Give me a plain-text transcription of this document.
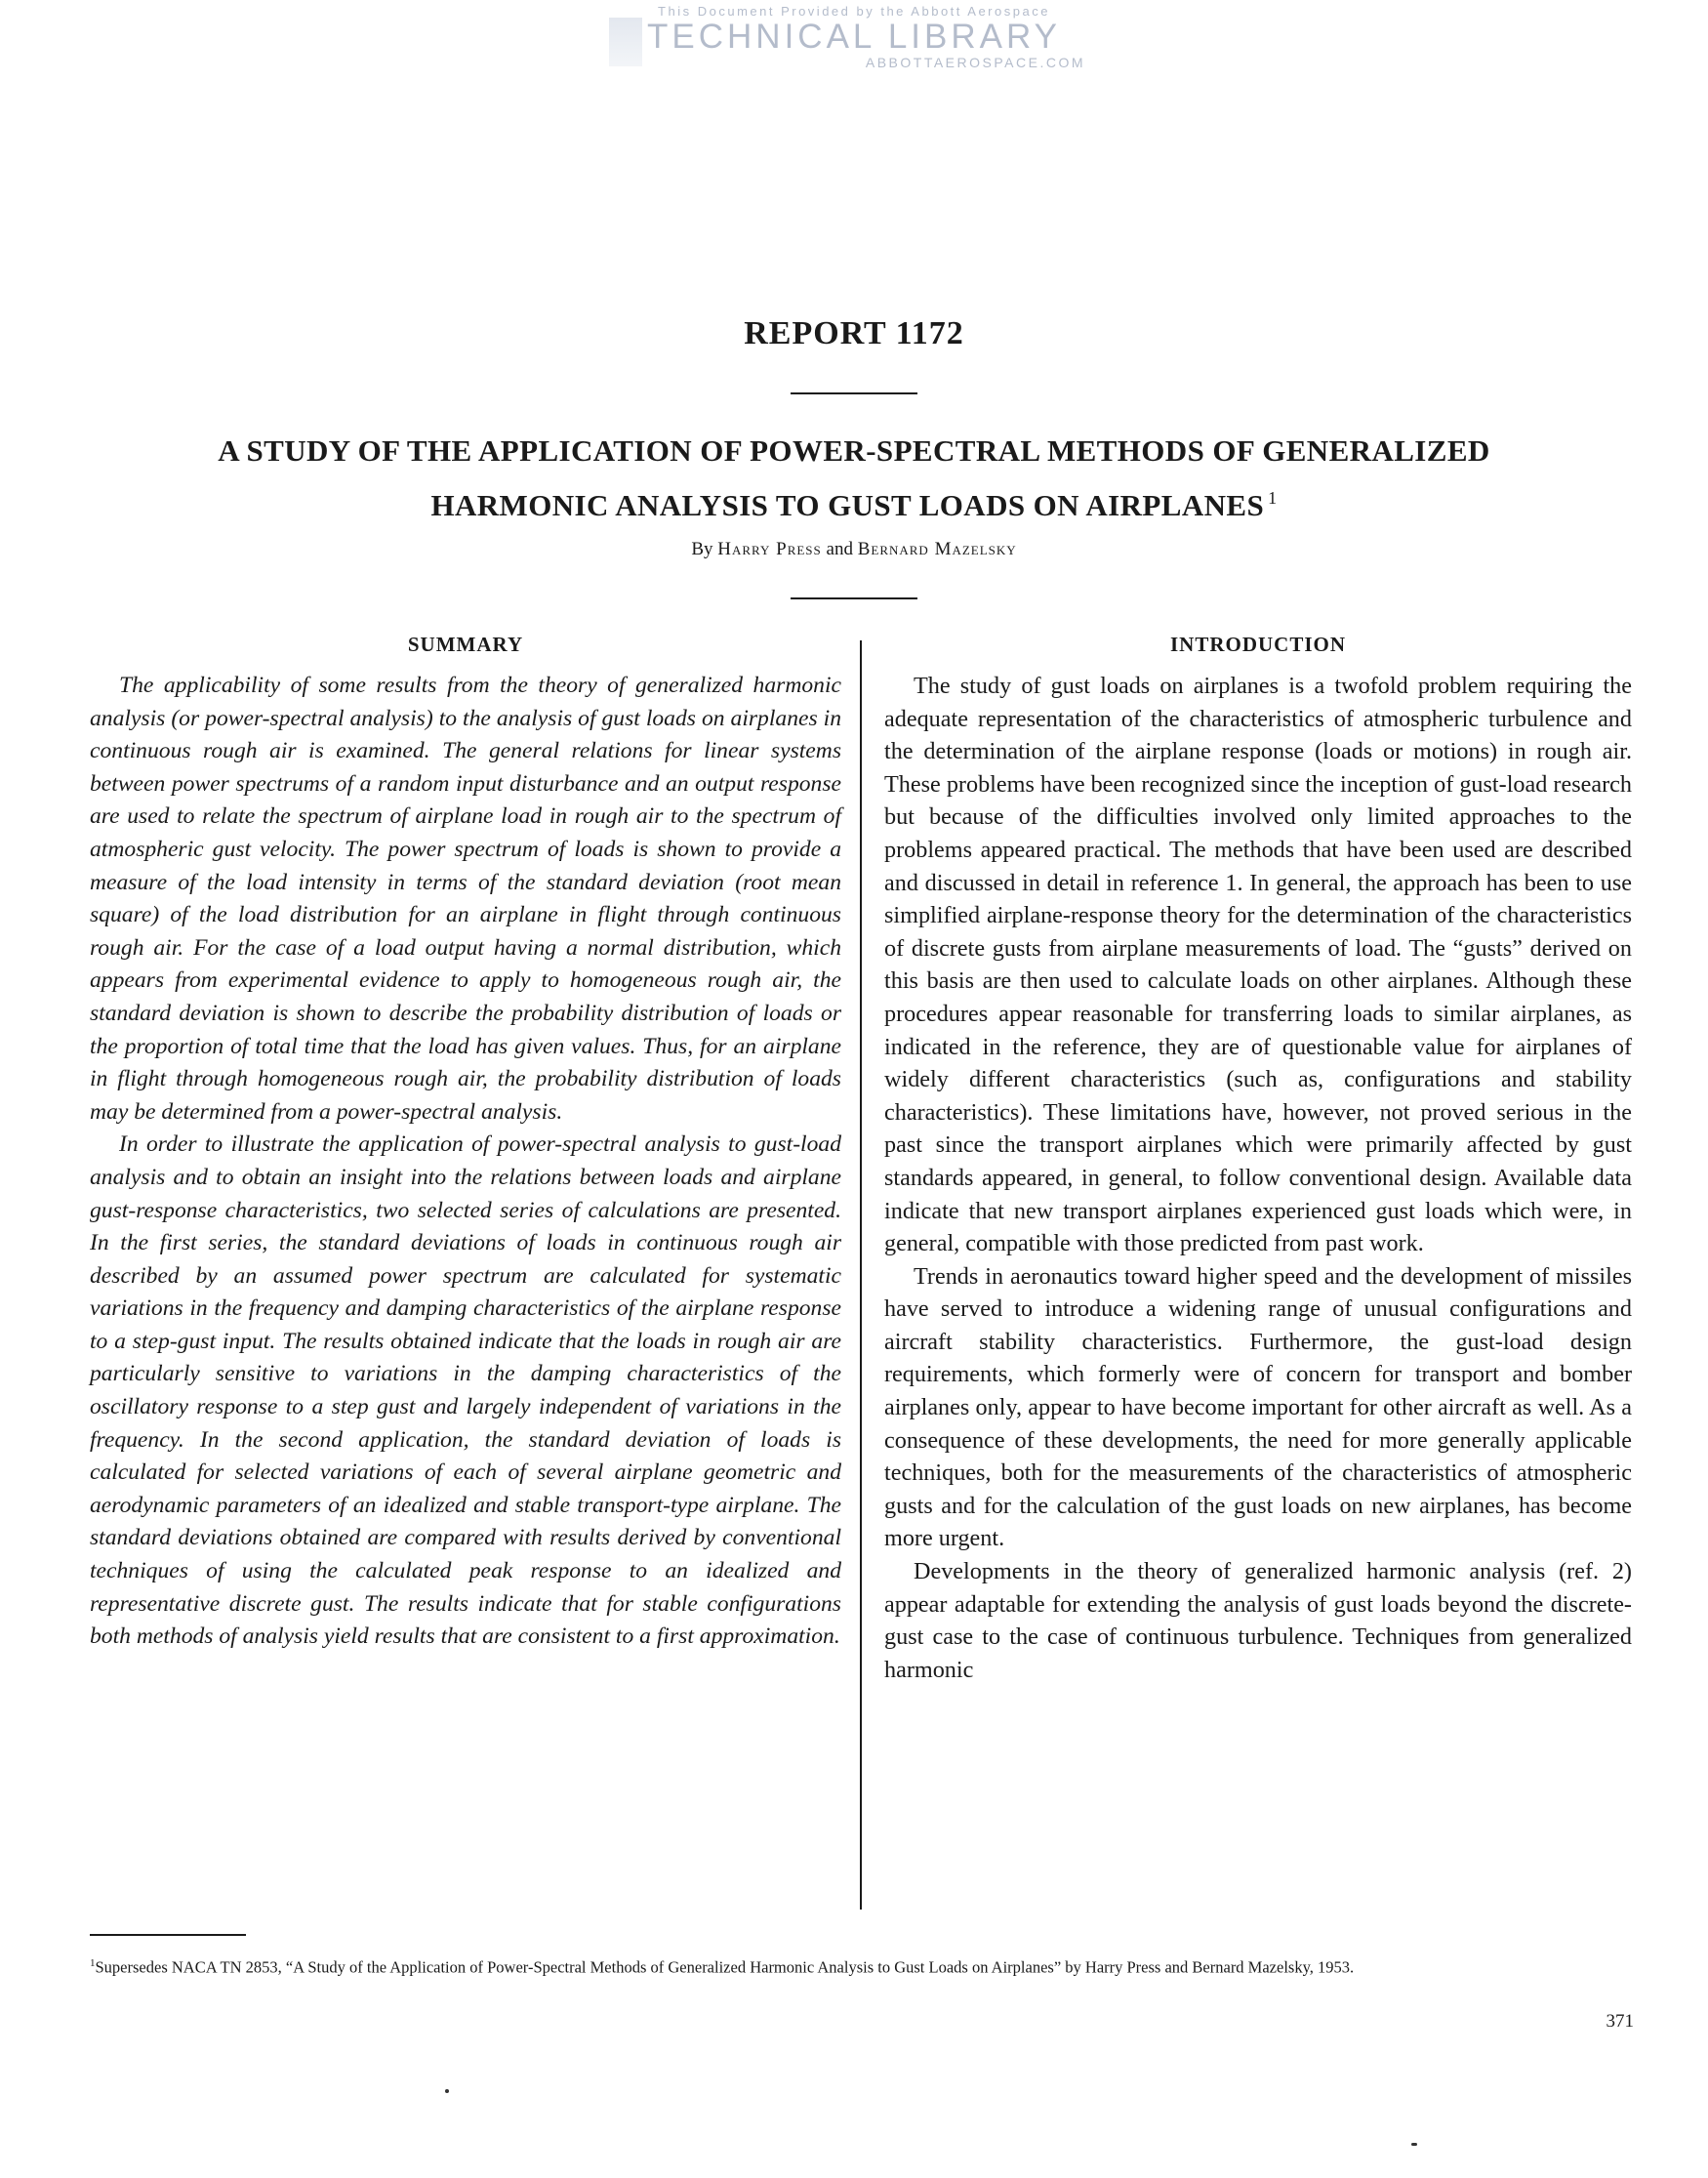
This Document Provided by the Abbott Aerospace
TECHNICAL LIBRARY
ABBOTTAEROSPACE.COM
REPORT 1172
A STUDY OF THE APPLICATION OF POWER-SPECTRAL METHODS OF GENERALIZED
HARMONIC ANALYSIS TO GUST LOADS ON AIRPLANES $^1$
By Harry Press and Bernard Mazelsky
SUMMARY	INTRODUCTION

The applicability of some results from the theory of generalized harmonic analysis (or power-spectral analysis) to the analysis of gust loads on airplanes in continuous rough air is examined. The general relations for linear systems between power spectrums of a random input disturbance and an output response are used to relate the spectrum of airplane load in rough air to the spectrum of atmospheric gust velocity. The power spectrum of loads is shown to provide a measure of the load intensity in terms of the standard deviation (root mean square) of the load distribution for an airplane in flight through continuous rough air. For the case of a load output having a normal distribution, which appears from experimental evidence to apply to homogeneous rough air, the standard deviation is shown to describe the probability distribution of loads or the proportion of total time that the load has given values. Thus, for an airplane in flight through homogeneous rough air, the probability distribution of loads may be determined from a power-spectral analysis.

In order to illustrate the application of power-spectral analysis to gust-load analysis and to obtain an insight into the relations between loads and airplane gust-response characteristics, two selected series of calculations are presented. In the first series, the standard deviations of loads in continuous rough air described by an assumed power spectrum are calculated for systematic variations in the frequency and damping characteristics of the airplane response to a step-gust input. The results obtained indicate that the loads in rough air are particularly sensitive to variations in the damping characteristics of the oscillatory response to a step gust and largely independent of variations in the frequency. In the second application, the standard deviation of loads is calculated for selected variations of each of several airplane geometric and aerodynamic parameters of an idealized and stable transport-type airplane. The standard deviations obtained are compared with results derived by conventional techniques of using the calculated peak response to an idealized and representative discrete gust. The results indicate that for stable configurations both methods of analysis yield results that are consistent to a first approximation.

The study of gust loads on airplanes is a twofold problem requiring the adequate representation of the characteristics of atmospheric turbulence and the determination of the airplane response (loads or motions) in rough air. These problems have been recognized since the inception of gust-load research but because of the difficulties involved only limited approaches to the problems appeared practical. The methods that have been used are described and discussed in detail in reference 1. In general, the approach has been to use simplified airplane-response theory for the determination of the characteristics of discrete gusts from airplane measurements of load. The “gusts” derived on this basis are then used to calculate loads on other airplanes. Although these procedures appear reasonable for transferring loads to similar airplanes, as indicated in the reference, they are of questionable value for airplanes of widely different characteristics (such as, configurations and stability characteristics). These limitations have, however, not proved serious in the past since the transport airplanes which were primarily affected by gust standards appeared, in general, to follow conventional design. Available data indicate that new transport airplanes experienced gust loads which were, in general, compatible with those predicted from past work.

Trends in aeronautics toward higher speed and the development of missiles have served to introduce a widening range of unusual configurations and aircraft stability characteristics. Furthermore, the gust-load design requirements, which formerly were of concern for transport and bomber airplanes only, appear to have become important for other aircraft as well. As a consequence of these developments, the need for more generally applicable techniques, both for the measurements of the characteristics of atmospheric gusts and for the calculation of the gust loads on new airplanes, has become more urgent.

Developments in the theory of generalized harmonic analysis (ref. 2) appear adaptable for extending the analysis of gust loads beyond the discrete-gust case to the case of continuous turbulence. Techniques from generalized harmonic

$^1$Supersedes NACA TN 2853, “A Study of the Application of Power-Spectral Methods of Generalized Harmonic Analysis to Gust Loads on Airplanes” by Harry Press and Bernard Mazelsky, 1953.
371
